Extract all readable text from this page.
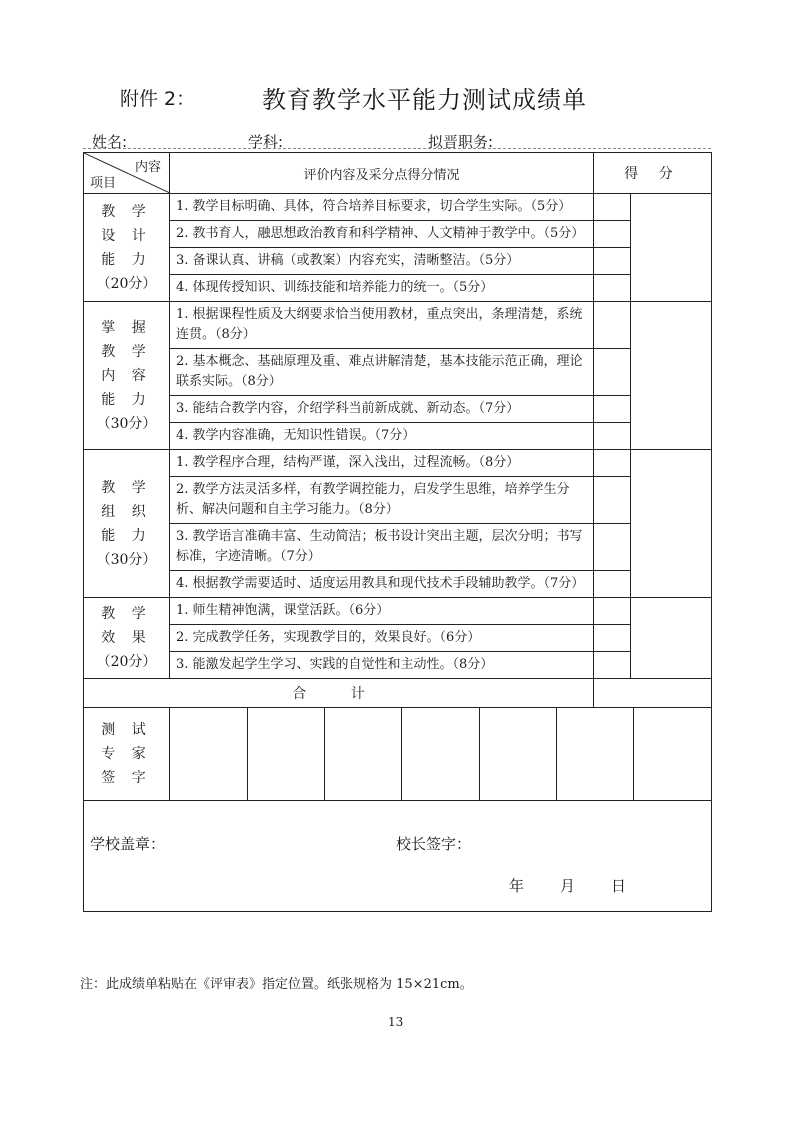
附件 2：	教育教学水平能力测试成绩单
姓名:	学科:	拟晋职务:
内容
项目
	评价内容及采分点得分情况	得 分

教 学
设 计
能 力
（20分）
	1. 教学目标明确、具体，符合培养目标要求，切合学生实际。（5分）		
2. 教书育人，融思想政治教育和科学精神、人文精神于教学中。（5分）	
3. 备课认真、讲稿（或教案）内容充实，清晰整洁。（5分）	
4. 体现传授知识、训练技能和培养能力的统一。（5分）	

掌 握
教 学
内 容
能 力
（30分）
	1. 根据课程性质及大纲要求恰当使用教材，重点突出，条理清楚，系统连贯。（8分）		
2. 基本概念、基础原理及重、难点讲解清楚，基本技能示范正确，理论联系实际。（8分）	
3. 能结合教学内容，介绍学科当前新成就、新动态。（7分）	
4. 教学内容准确，无知识性错误。（7分）	

教 学
组 织
能 力
（30分）
	1. 教学程序合理，结构严谨，深入浅出，过程流畅。（8分）		
2. 教学方法灵活多样，有教学调控能力，启发学生思维，培养学生分析、解决问题和自主学习能力。（8分）	
3. 教学语言准确丰富、生动简洁；板书设计突出主题，层次分明；书写标准，字迹清晰。（7分）	
4. 根据教学需要适时、适度运用教具和现代技术手段辅助教学。（7分）	

教 学
效 果
（20分）
	1. 师生精神饱满，课堂活跃。（6分）		
2. 完成教学任务，实现教学目的，效果良好。（6分）	
3. 能激发起学生学习、实践的自觉性和主动性。（8分）	
合 计	

测 试
专 家
签 字

学校盖章：	校长签字：
年 月 日
注：此成绩单粘贴在《评审表》指定位置。纸张规格为 15×21cm。
13
